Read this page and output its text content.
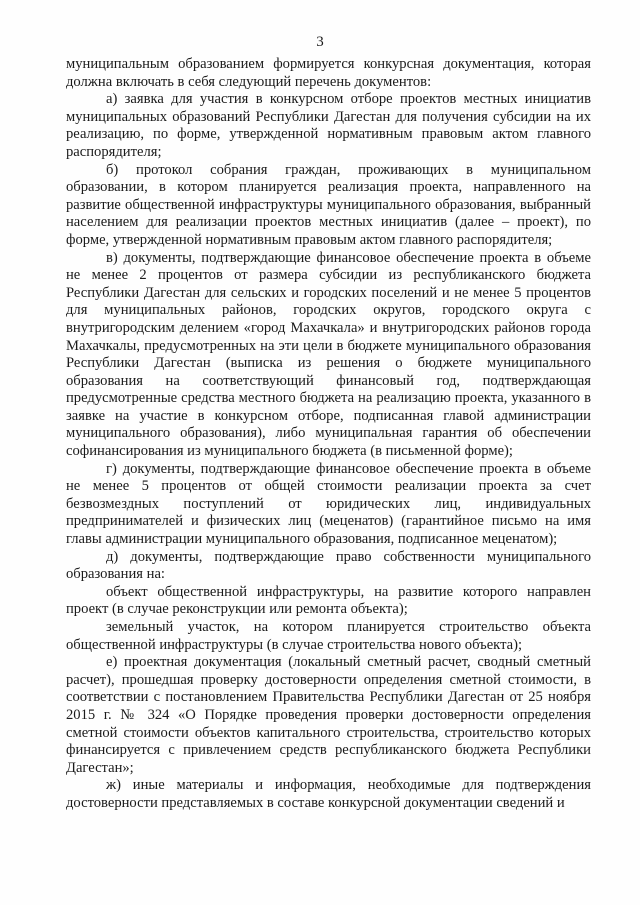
3

муниципальным образованием формируется конкурсная документация, которая должна включать в себя следующий перечень документов:

а) заявка для участия в конкурсном отборе проектов местных инициатив муниципальных образований Республики Дагестан для получения субсидии на их реализацию, по форме, утвержденной нормативным правовым актом главного распорядителя;

б) протокол собрания граждан, проживающих в муниципальном образовании, в котором планируется реализация проекта, направленного на развитие общественной инфраструктуры муниципального образования, выбранный населением для реализации проектов местных инициатив (далее – проект), по форме, утвержденной нормативным правовым актом главного распорядителя;

в) документы, подтверждающие финансовое обеспечение проекта в объеме не менее 2 процентов от размера субсидии из республиканского бюджета Республики Дагестан для сельских и городских поселений и не менее 5 процентов для муниципальных районов, городских округов, городского округа с внутригородским делением «город Махачкала» и внутригородских районов города Махачкалы, предусмотренных на эти цели в бюджете муниципального образования Республики Дагестан (выписка из решения о бюджете муниципального образования на соответствующий финансовый год, подтверждающая предусмотренные средства местного бюджета на реализацию проекта, указанного в заявке на участие в конкурсном отборе, подписанная главой администрации муниципального образования), либо муниципальная гарантия об обеспечении софинансирования из муниципального бюджета (в письменной форме);

г) документы, подтверждающие финансовое обеспечение проекта в объеме не менее 5 процентов от общей стоимости реализации проекта за счет безвозмездных поступлений от юридических лиц, индивидуальных предпринимателей и физических лиц (меценатов) (гарантийное письмо на имя главы администрации муниципального образования, подписанное меценатом);

д) документы, подтверждающие право собственности муниципального образования на:

объект общественной инфраструктуры, на развитие которого направлен проект (в случае реконструкции или ремонта объекта);

земельный участок, на котором планируется строительство объекта общественной инфраструктуры (в случае строительства нового объекта);

е) проектная документация (локальный сметный расчет, сводный сметный расчет), прошедшая проверку достоверности определения сметной стоимости, в соответствии с постановлением Правительства Республики Дагестан от 25 ноября 2015 г. № 324 «О Порядке проведения проверки достоверности определения сметной стоимости объектов капитального строительства, строительство которых финансируется с привлечением средств республиканского бюджета Республики Дагестан»;

ж) иные материалы и информация, необходимые для подтверждения достоверности представляемых в составе конкурсной документации сведений и
